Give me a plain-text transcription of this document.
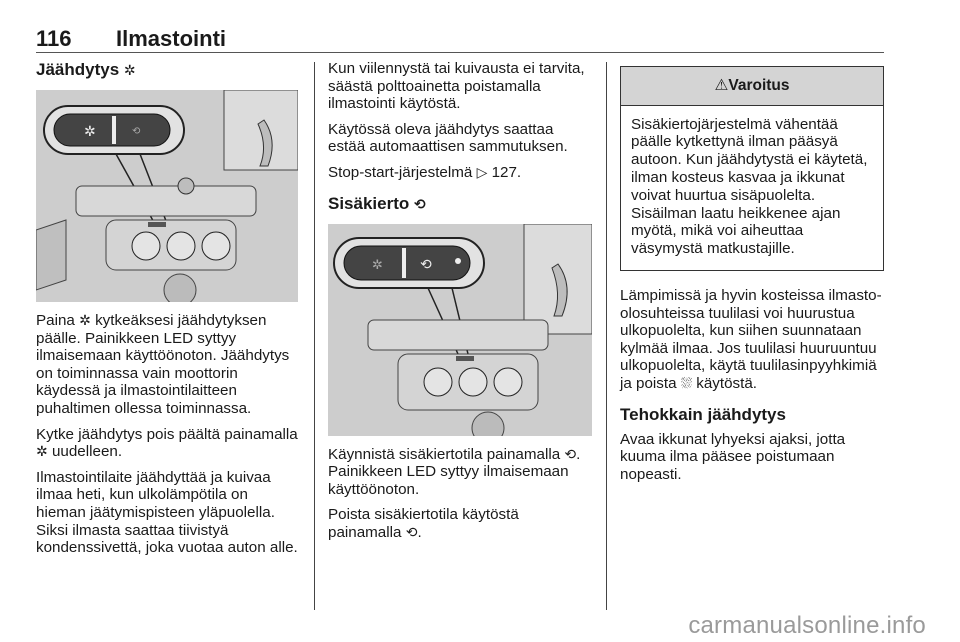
116 Ilmastointi
Jäähdytys ✲
✲	⟲

Paina ✲ kytkeäksesi jäähdytyksen päälle. Painikkeen LED syttyy ilmaisemaan käyttöönoton. Jäähdytys on toiminnassa vain moottorin käydessä ja ilmastointilaitteen puhaltimen ollessa toiminnassa.

Kytke jäähdytys pois päältä painamalla ✲ uudelleen.

Ilmastointilaite jäähdyttää ja kuivaa ilmaa heti, kun ulkolämpötila on hieman jäätymispisteen yläpuolella. Siksi ilmasta saattaa tiivistyä kondenssivettä, joka vuotaa auton alle.

Kun viilennystä tai kuivausta ei tarvita, säästä polttoainetta poistamalla ilmastointi käytöstä.

Käytössä oleva jäähdytys saattaa estää automaattisen sammutuksen.

Stop-start-järjestelmä ▷ 127.

Sisäkierto ⟲
✲	⟲

Käynnistä sisäkiertotila painamalla ⟲. Painikkeen LED syttyy ilmaisemaan käyttöönoton.

Poista sisäkiertotila käytöstä painamalla ⟲.

⚠Varoitus
Sisäkiertojärjestelmä vähentää päälle kytkettynä ilman pääsyä autoon. Kun jäähdytystä ei käytetä, ilman kosteus kasvaa ja ikkunat voivat huurtua sisäpuolelta. Sisäilman laatu heikkenee ajan myötä, mikä voi aiheuttaa väsymystä matkustajille.

Lämpimissä ja hyvin kosteissa ilmasto-olosuhteissa tuulilasi voi huurustua ulkopuolelta, kun siihen suunnataan kylmää ilmaa. Jos tuulilasi huuruuntuu ulkopuolelta, käytä tuulilasinpyyhkimiä ja poista ⛆ käytöstä.

Tehokkain jäähdytys

Avaa ikkunat lyhyeksi ajaksi, jotta kuuma ilma pääsee poistumaan nopeasti.

carmanualsonline.info
